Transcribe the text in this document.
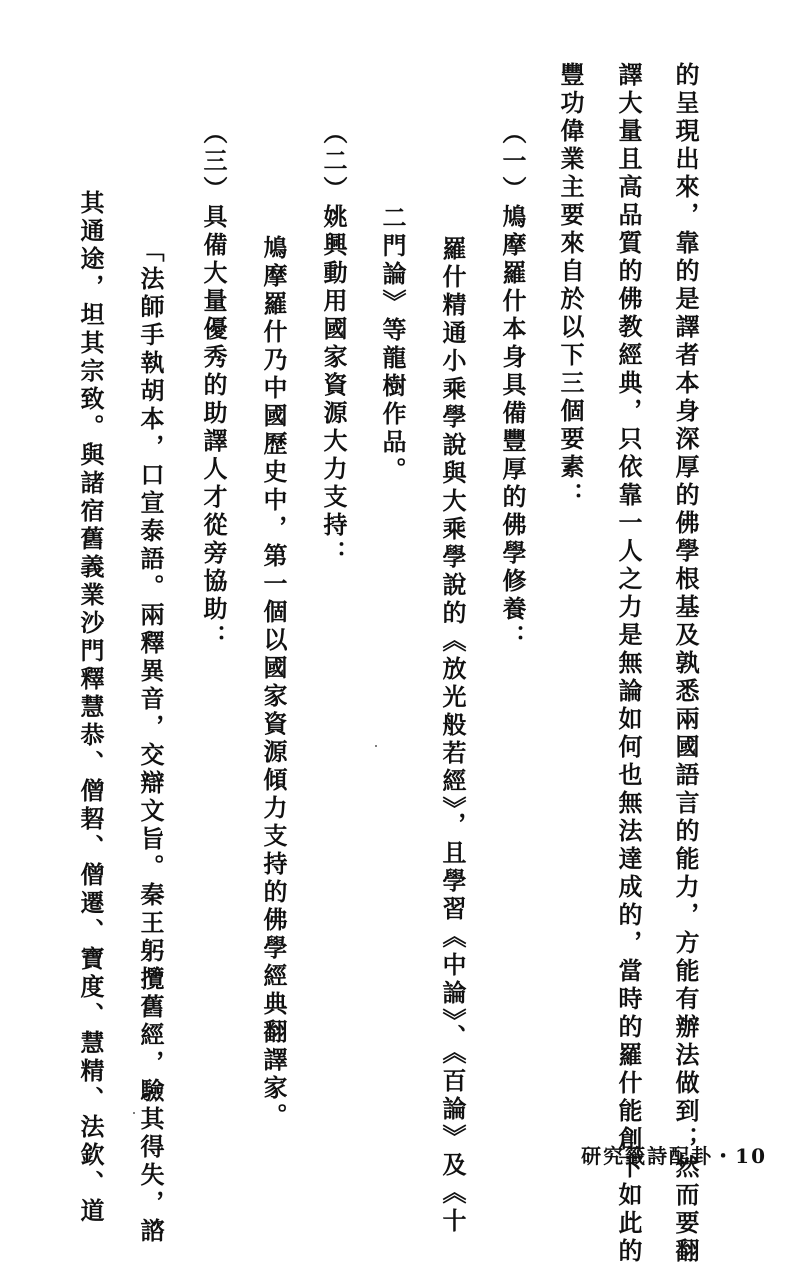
的呈現出來，靠的是譯者本身深厚的佛學根基及孰悉兩國語言的能力，方能有辦法做到；然而要翻
譯大量且高品質的佛教經典，只依靠一人之力是無論如何也無法達成的，當時的羅什能創下如此的
豐功偉業主要來自於以下三個要素：
（一）鳩摩羅什本身具備豐厚的佛學修養：
羅什精通小乘學說與大乘學說的《放光般若經》，且學習《中論》、《百論》及《十
二門論》等龍樹作品。
（二）姚興動用國家資源大力支持：
鳩摩羅什乃中國歷史中，第一個以國家資源傾力支持的佛學經典翻譯家。
（三）具備大量優秀的助譯人才從旁協助：
「法師手執胡本，口宣泰語。兩釋異音，交辯文旨。秦王躬攬舊經，驗其得失，諮
其通途，坦其宗致。與諸宿舊義業沙門釋慧恭、僧䂮、僧遷、寶度、慧精、法欽、道	研究籤詩配卦・10
